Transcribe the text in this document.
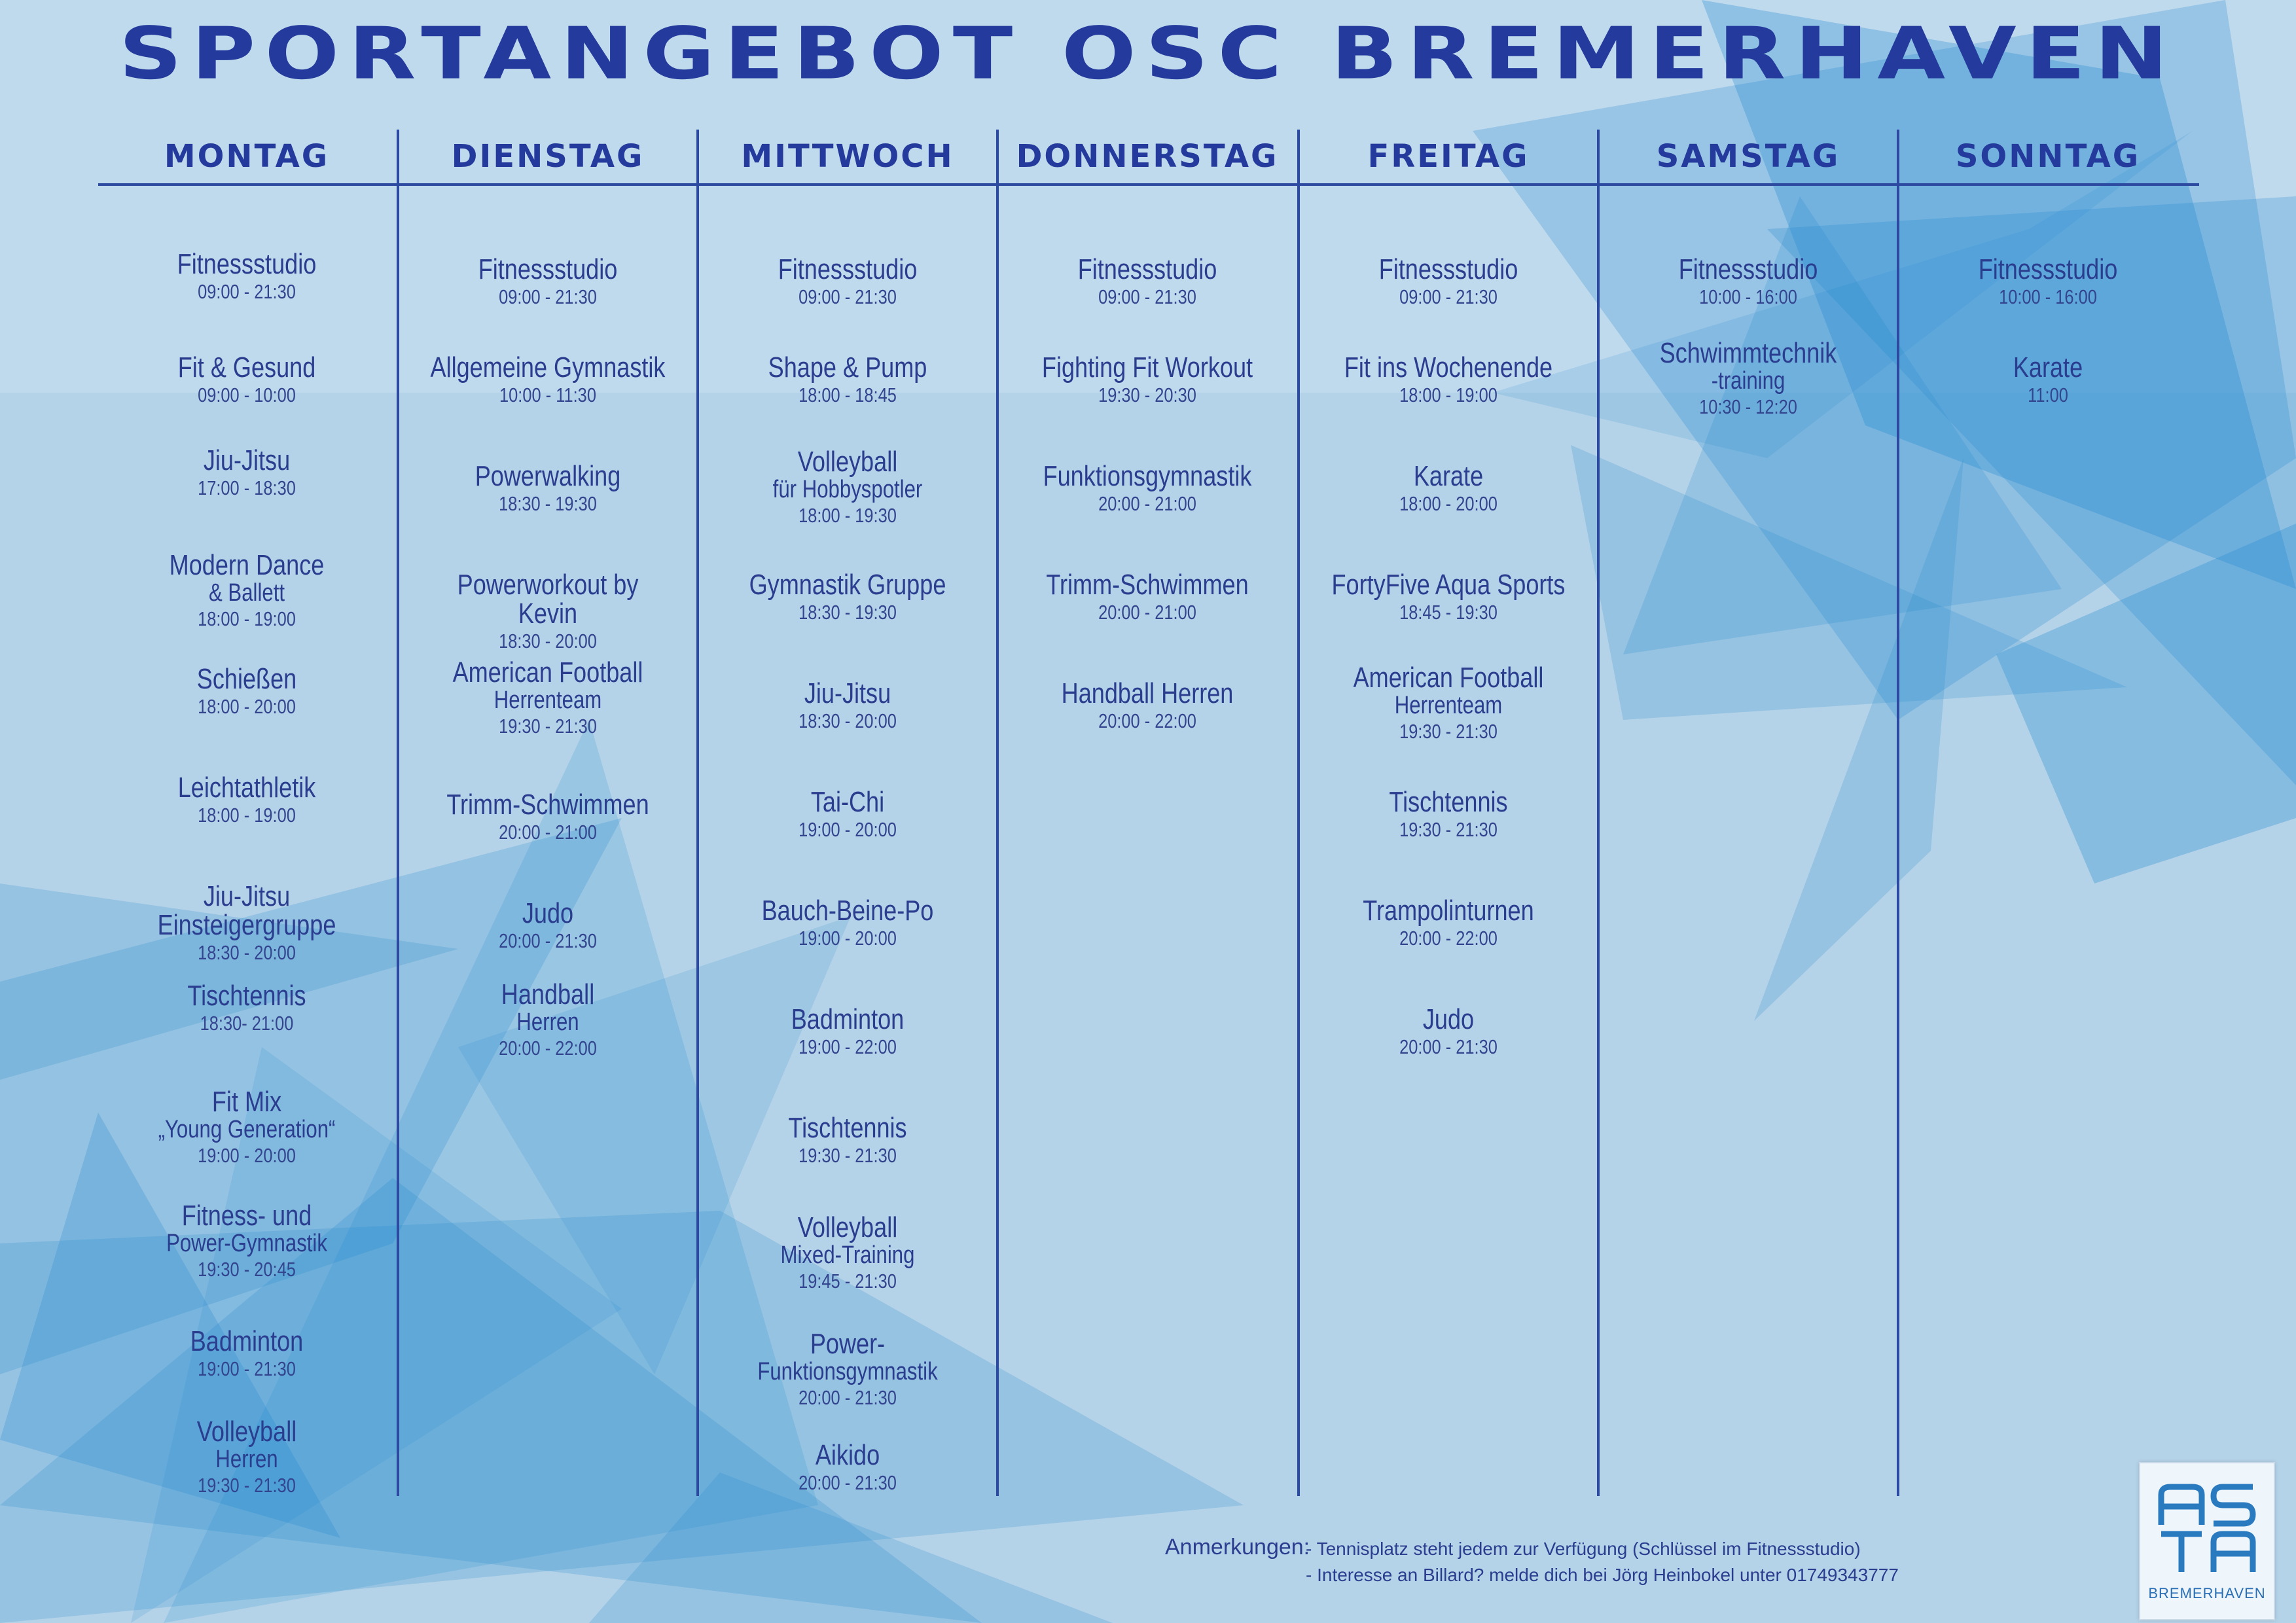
SPORTANGEBOT OSC BREMERHAVEN
MONTAG
Fitnessstudio
09:00 - 21:30
Fit & Gesund
09:00 - 10:00
Jiu-Jitsu
17:00 - 18:30
Modern Dance
& Ballett
18:00 - 19:00
Schießen
18:00 - 20:00
Leichtathletik
18:00 - 19:00
Jiu-Jitsu Einsteigergruppe
18:30 - 20:00
Tischtennis
18:30- 21:00
Fit Mix
„Young Generation“
19:00 - 20:00
Fitness- und
Power-Gymnastik
19:30 - 20:45
Badminton
19:00 - 21:30
Volleyball
Herren
19:30 - 21:30
DIENSTAG
Fitnessstudio
09:00 - 21:30
Allgemeine Gymnastik
10:00 - 11:30
Powerwalking
18:30 - 19:30
Powerworkout by Kevin
18:30 - 20:00
American Football
Herrenteam
19:30 - 21:30
Trimm-Schwimmen
20:00 - 21:00
Judo
20:00 - 21:30
Handball
Herren
20:00 - 22:00
MITTWOCH
Fitnessstudio
09:00 - 21:30
Shape & Pump
18:00 - 18:45
Volleyball
für Hobbyspotler
18:00 - 19:30
Gymnastik Gruppe
18:30 - 19:30
Jiu-Jitsu
18:30 - 20:00
Tai-Chi
19:00 - 20:00
Bauch-Beine-Po
19:00 - 20:00
Badminton
19:00 - 22:00
Tischtennis
19:30 - 21:30
Volleyball
Mixed-Training
19:45 - 21:30
Power-
Funktionsgymnastik
20:00 - 21:30
Aikido
20:00 - 21:30
DONNERSTAG
Fitnessstudio
09:00 - 21:30
Fighting Fit Workout
19:30 - 20:30
Funktionsgymnastik
20:00 - 21:00
Trimm-Schwimmen
20:00 - 21:00
Handball Herren
20:00 - 22:00
FREITAG
Fitnessstudio
09:00 - 21:30
Fit ins Wochenende
18:00 - 19:00
Karate
18:00 - 20:00
FortyFive Aqua Sports
18:45 - 19:30
American Football
Herrenteam
19:30 - 21:30
Tischtennis
19:30 - 21:30
Trampolinturnen
20:00 - 22:00
Judo
20:00 - 21:30
SAMSTAG
Fitnessstudio
10:00 - 16:00
Schwimmtechnik
-training
10:30 - 12:20
SONNTAG
Fitnessstudio
10:00 - 16:00
Karate
11:00
Anmerkungen:
- Tennisplatz steht jedem zur Verfügung (Schlüssel im Fitnessstudio)
- Interesse an Billard? melde dich bei Jörg Heinbokel unter 01749343777
BREMERHAVEN
